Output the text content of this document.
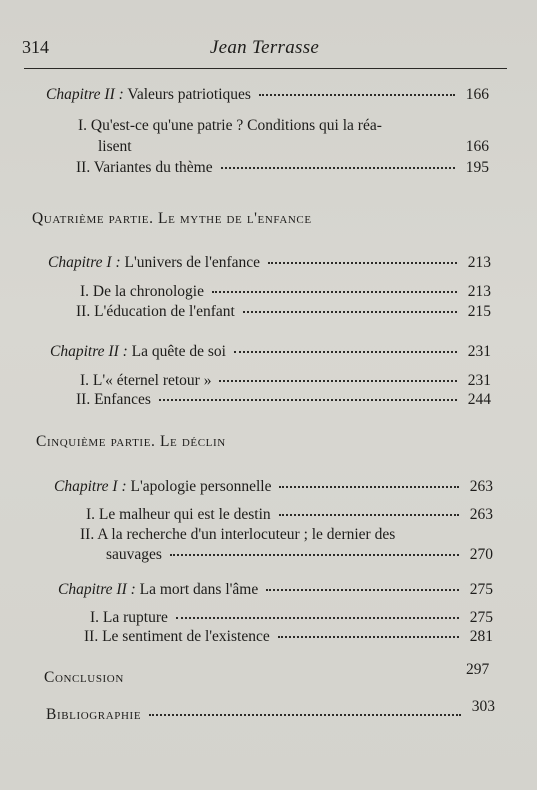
314	Jean Terrasse
Chapitre II : Valeurs patriotiques	166
I. Qu'est-ce qu'une patrie ? Conditions qui la réa-
lisent	166
II. Variantes du thème	195
Quatrième partie. Le mythe de l'enfance
Chapitre I : L'univers de l'enfance	213
I. De la chronologie	213
II. L'éducation de l'enfant	215
Chapitre II : La quête de soi	231
I. L'« éternel retour »	231
II. Enfances	244
Cinquième partie. Le déclin
Chapitre I : L'apologie personnelle	263
I. Le malheur qui est le destin	263
II. A la recherche d'un interlocuteur ; le dernier des
sauvages	270
Chapitre II : La mort dans l'âme	275
I. La rupture	275
II. Le sentiment de l'existence	281
Conclusion	297
Bibliographie	303
